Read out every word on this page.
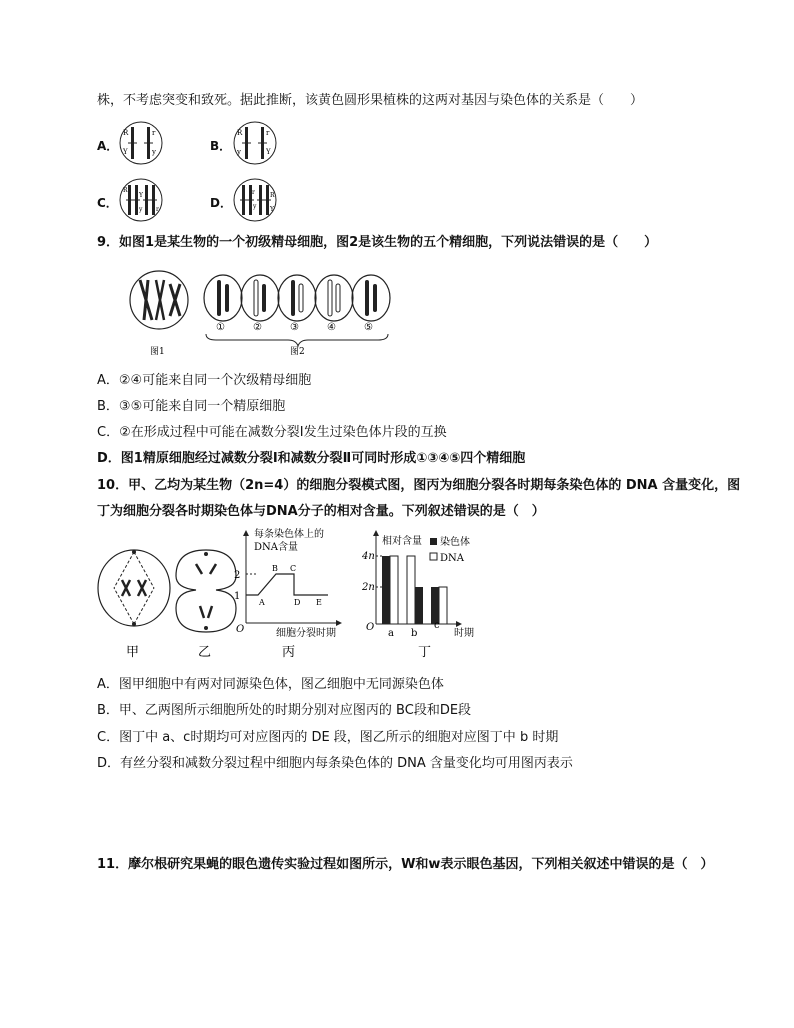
株，不考虑突变和致死。据此推断，该黄色圆形果植株的这两对基因与染色体的关系是（　　）
A．	B．
C．	D．
R	r
Y	y
R	r
y	Y
R
Y
y r
r
y
R
Y
9．如图1是某生物的一个初级精母细胞，图2是该生物的五个精细胞，下列说法错误的是（　　）
图1
①	②	③	④	⑤
图2
A．②④可能来自同一个次级精母细胞
B．③⑤可能来自同一个精原细胞
C．②在形成过程中可能在减数分裂Ⅰ发生过染色体片段的互换
D．图1精原细胞经过减数分裂Ⅰ和减数分裂Ⅱ可同时形成①③④⑤四个精细胞
10．甲、乙均为某生物（2n=4）的细胞分裂模式图，图丙为细胞分裂各时期每条染色体的 DNA 含量变化，图
丁为细胞分裂各时期染色体与DNA分子的相对含量。下列叙述错误的是（　）
每条染色体上的
DNA含量
2
1
O
A
B C
D E
细胞分裂时期
相对含量
4n
2n
O
染色体
DNA
a b
c
时期
甲	乙	丙	丁
A．图甲细胞中有两对同源染色体，图乙细胞中无同源染色体
B．甲、乙两图所示细胞所处的时期分别对应图丙的 BC段和DE段
C．图丁中 a、c时期均可对应图丙的 DE 段，图乙所示的细胞对应图丁中 b 时期
D．有丝分裂和减数分裂过程中细胞内每条染色体的 DNA 含量变化均可用图丙表示
11．摩尔根研究果蝇的眼色遗传实验过程如图所示，W和w表示眼色基因，下列相关叙述中错误的是（　）
